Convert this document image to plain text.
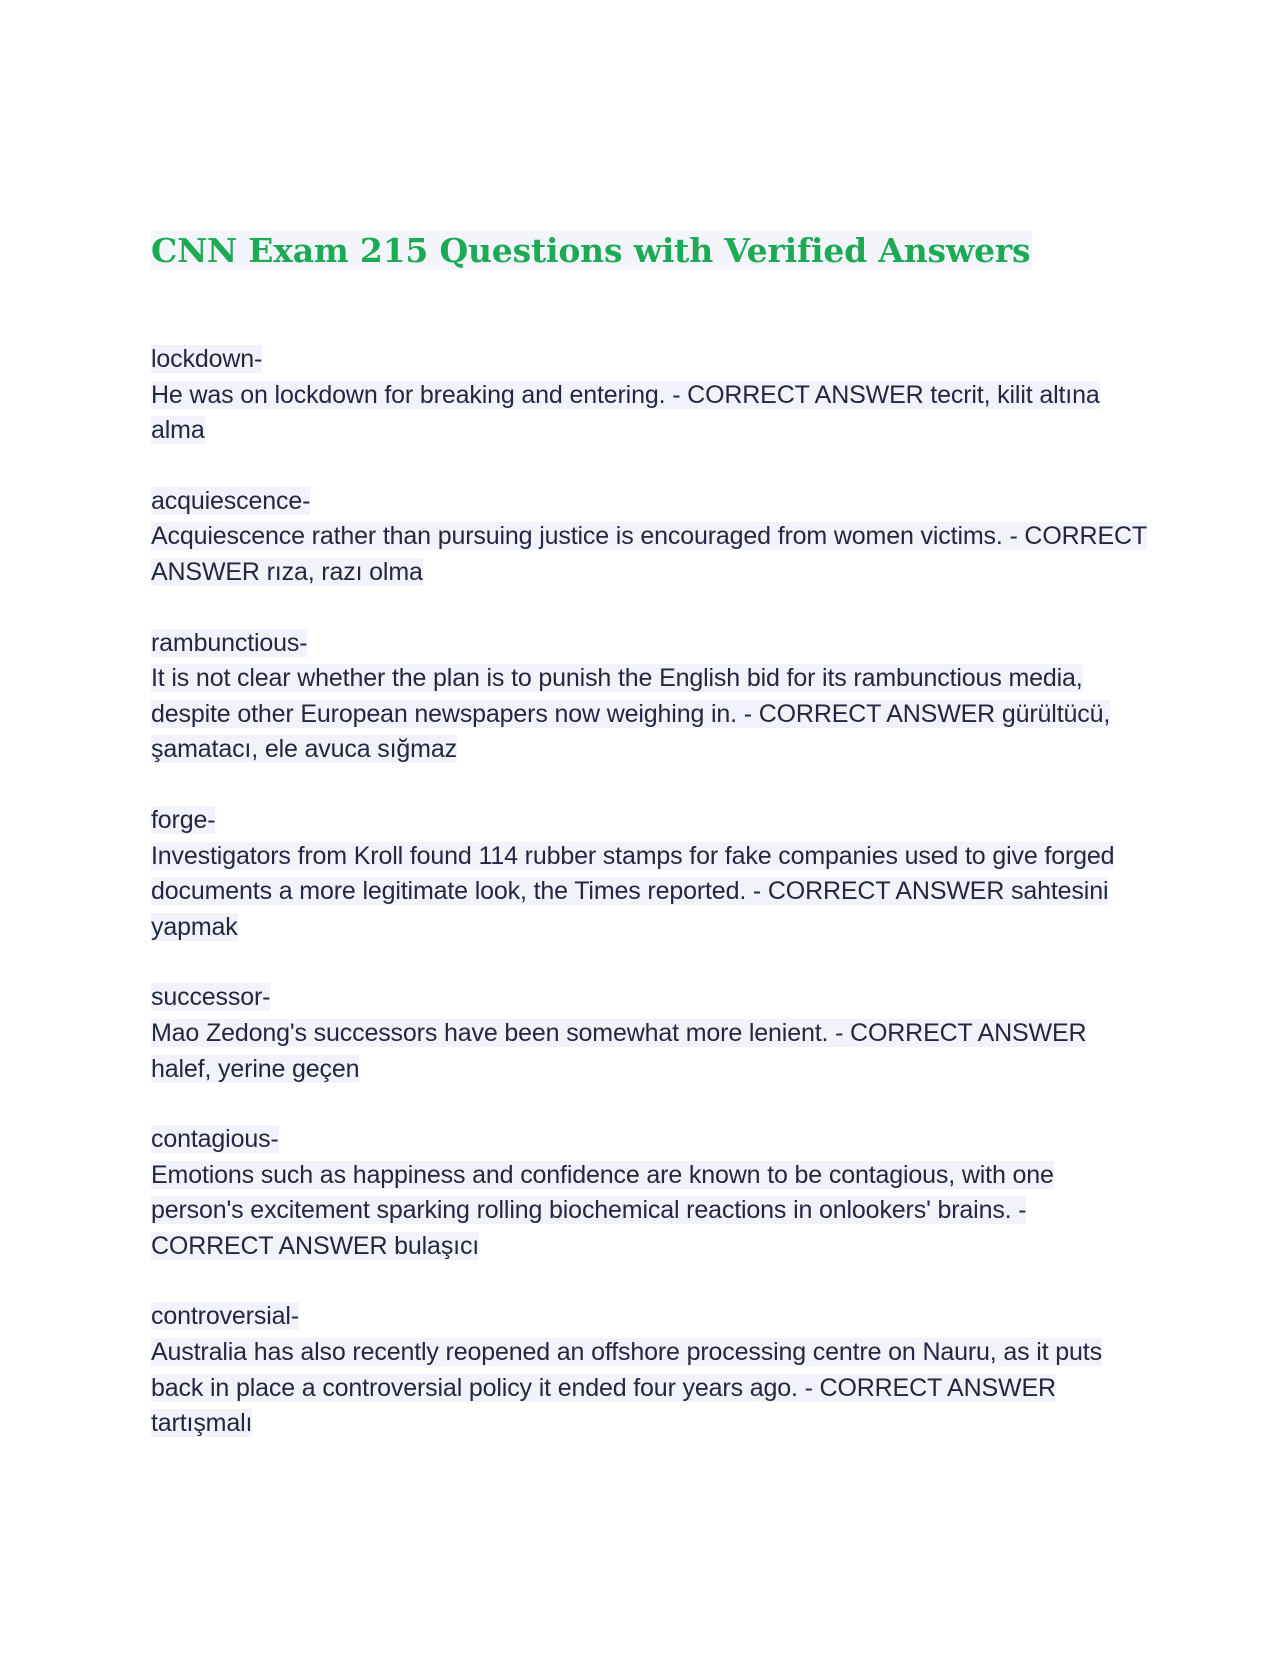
CNN Exam 215 Questions with Verified Answers

lockdown-

He was on lockdown for breaking and entering. - CORRECT ANSWER tecrit, kilit altına alma

acquiescence-

Acquiescence rather than pursuing justice is encouraged from women victims. - CORRECT ANSWER rıza, razı olma

rambunctious-

It is not clear whether the plan is to punish the English bid for its rambunctious media, despite other European newspapers now weighing in. - CORRECT ANSWER gürültücü, şamatacı, ele avuca sığmaz

forge-

Investigators from Kroll found 114 rubber stamps for fake companies used to give forged documents a more legitimate look, the Times reported. - CORRECT ANSWER sahtesini yapmak

successor-

Mao Zedong's successors have been somewhat more lenient. - CORRECT ANSWER halef, yerine geçen

contagious-

Emotions such as happiness and confidence are known to be contagious, with one person's excitement sparking rolling biochemical reactions in onlookers' brains. - CORRECT ANSWER bulaşıcı

controversial-

Australia has also recently reopened an offshore processing centre on Nauru, as it puts back in place a controversial policy it ended four years ago. - CORRECT ANSWER tartışmalı
